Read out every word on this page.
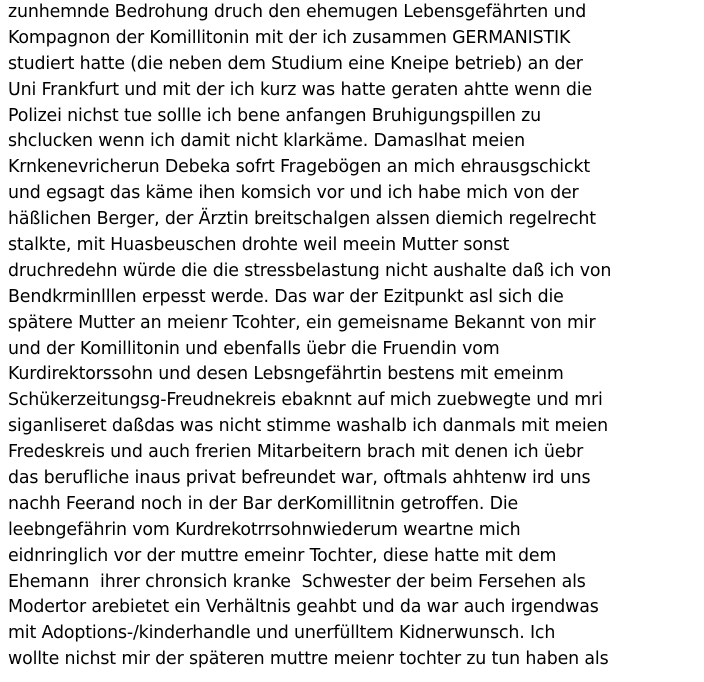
zunhemnde Bedrohung druch den ehemugen Lebensgefährten und
Kompagnon der Komillitonin mit der ich zusammen GERMANISTIK
studiert hatte (die neben dem Studium eine Kneipe betrieb) an der
Uni Frankfurt und mit der ich kurz was hatte geraten ahtte wenn die
Polizei nichst tue sollle ich bene anfangen Bruhigungspillen zu
shclucken wenn ich damit nicht klarkäme. Damaslhat meien
Krnkenevricherun Debeka sofrt Fragebögen an mich ehrausgschickt
und egsagt das käme ihen komsich vor und ich habe mich von der
häßlichen Berger, der Ärztin breitschalgen alssen diemich regelrecht
stalkte, mit Huasbeuschen drohte weil meein Mutter sonst
druchredehn würde die die stressbelastung nicht aushalte daß ich von
Bendkrminlllen erpesst werde. Das war der Ezitpunkt asl sich die
spätere Mutter an meienr Tcohter, ein gemeisname Bekannt von mir
und der Komillitonin und ebenfalls üebr die Fruendin vom
Kurdirektorssohn und desen Lebsngefährtin bestens mit emeinm
Schükerzeitungsg-Freudnekreis ebaknnt auf mich zuebwegte und mri
siganliseret daßdas was nicht stimme washalb ich danmals mit meien
Fredeskreis und auch frerien Mitarbeitern brach mit denen ich üebr
das berufliche inaus privat befreundet war, oftmals ahhtenw ird uns
nachh Feerand noch in der Bar derKomillitnin getroffen. Die
leebngefährin vom Kurdrekotrrsohnwiederum weartne mich
eidnringlich vor der muttre emeinr Tochter, diese hatte mit dem
Ehemann  ihrer chronsich kranke  Schwester der beim Fersehen als
Modertor arebietet ein Verhältnis geahbt und da war auch irgendwas
mit Adoptions-/kinderhandle und unerfülltem Kidnerwunsch. Ich
wollte nichst mir der späteren muttre meienr tochter zu tun haben als
